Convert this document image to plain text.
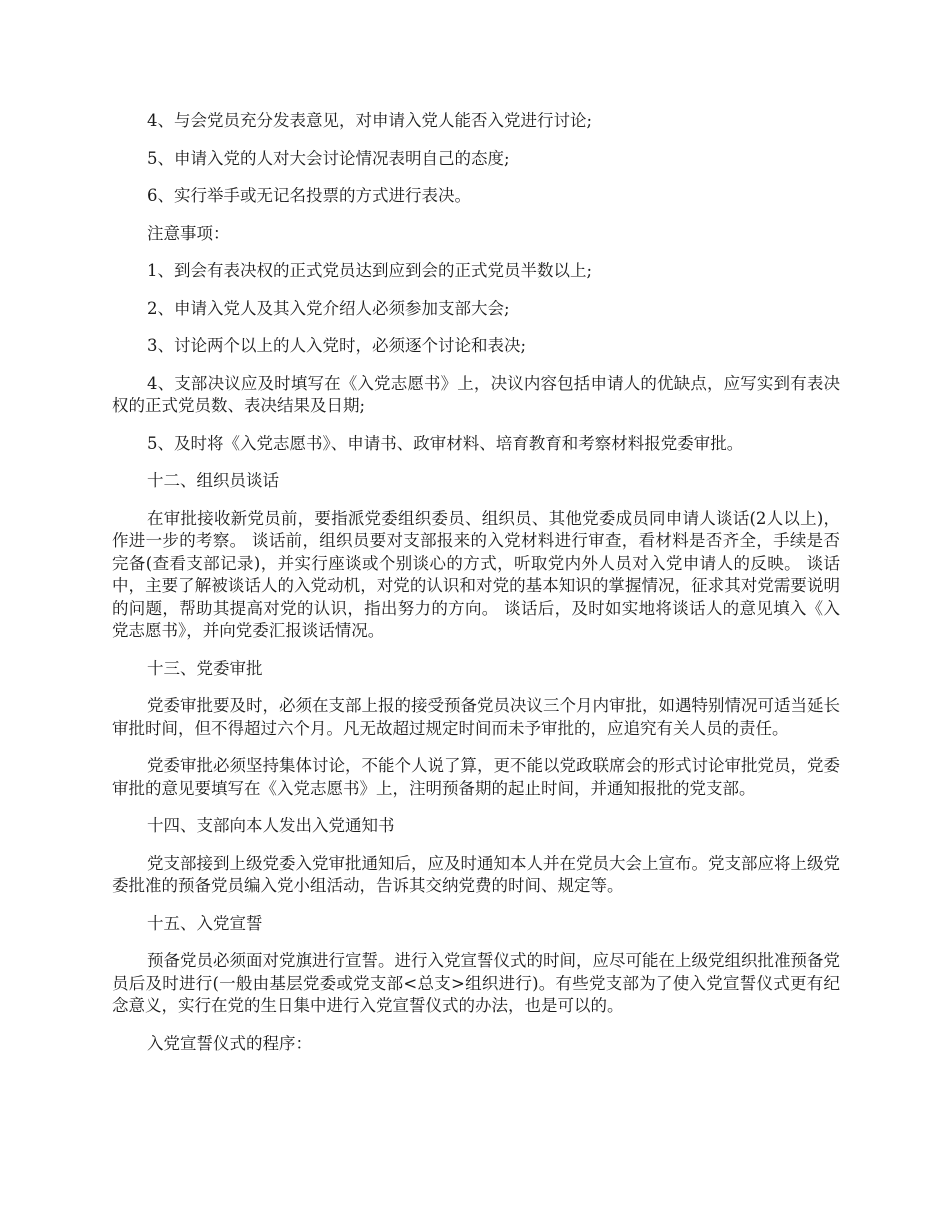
4、与会党员充分发表意见，对申请入党人能否入党进行讨论;

5、申请入党的人对大会讨论情况表明自己的态度;

6、实行举手或无记名投票的方式进行表决。

注意事项：

1、到会有表决权的正式党员达到应到会的正式党员半数以上;

2、申请入党人及其入党介绍人必须参加支部大会;

3、讨论两个以上的人入党时，必须逐个讨论和表决;

4、支部决议应及时填写在《入党志愿书》上，决议内容包括申请人的优缺点，应写实到有表决权的正式党员数、表决结果及日期;

5、及时将《入党志愿书》、申请书、政审材料、培育教育和考察材料报党委审批。

十二、组织员谈话

在审批接收新党员前，要指派党委组织委员、组织员、其他党委成员同申请人谈话(2人以上)，作进一步的考察。 谈话前，组织员要对支部报来的入党材料进行审查，看材料是否齐全，手续是否完备(查看支部记录)，并实行座谈或个别谈心的方式，听取党内外人员对入党申请人的反映。 谈话中，主要了解被谈话人的入党动机，对党的认识和对党的基本知识的掌握情况，征求其对党需要说明的问题，帮助其提高对党的认识，指出努力的方向。 谈话后，及时如实地将谈话人的意见填入《入党志愿书》，并向党委汇报谈话情况。

十三、党委审批

党委审批要及时，必须在支部上报的接受预备党员决议三个月内审批，如遇特别情况可适当延长审批时间，但不得超过六个月。凡无故超过规定时间而未予审批的，应追究有关人员的责任。

党委审批必须坚持集体讨论，不能个人说了算，更不能以党政联席会的形式讨论审批党员，党委审批的意见要填写在《入党志愿书》上，注明预备期的起止时间，并通知报批的党支部。

十四、支部向本人发出入党通知书

党支部接到上级党委入党审批通知后，应及时通知本人并在党员大会上宣布。党支部应将上级党委批准的预备党员编入党小组活动，告诉其交纳党费的时间、规定等。

十五、入党宣誓

预备党员必须面对党旗进行宣誓。进行入党宣誓仪式的时间，应尽可能在上级党组织批准预备党员后及时进行(一般由基层党委或党支部<总支>组织进行)。有些党支部为了使入党宣誓仪式更有纪念意义，实行在党的生日集中进行入党宣誓仪式的办法，也是可以的。

入党宣誓仪式的程序：
